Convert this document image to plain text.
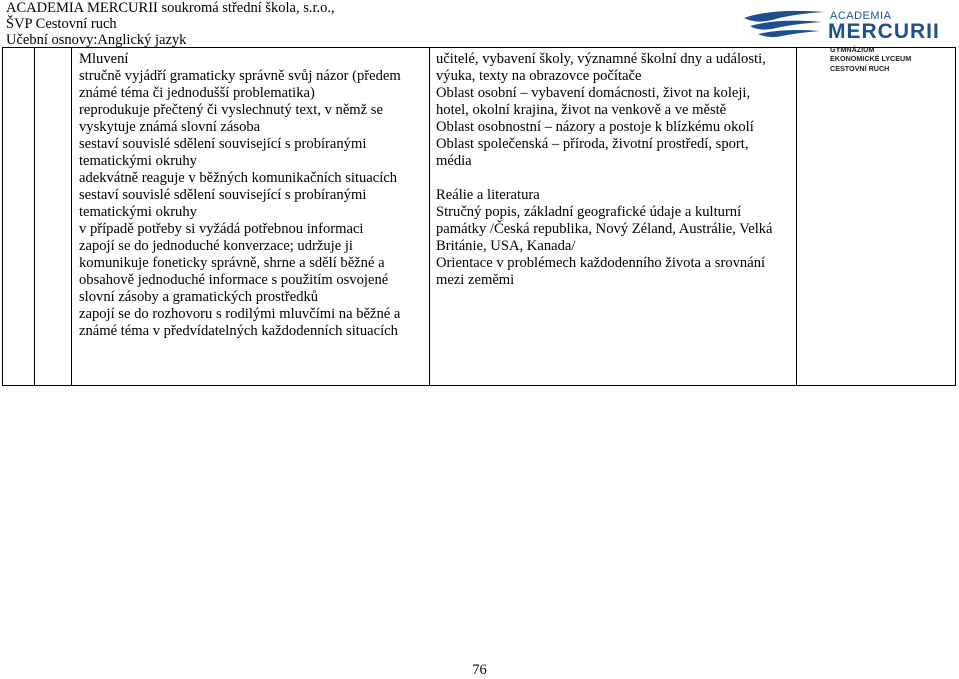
ACADEMIA MERCURII soukromá střední škola, s.r.o.,
ŠVP Cestovní ruch
Učební osnovy:Anglický jazyk
ACADEMIA
MERCURII
GYMNÁZIUM
EKONOMICKÉ LYCEUM
CESTOVNÍ RUCH
Mluvení
stručně vyjádří gramaticky správně svůj názor (předem
známé téma či jednodušší problematika)
reprodukuje přečtený či vyslechnutý text, v němž se
vyskytuje známá slovní zásoba
sestaví souvislé sdělení související s probíranými
tematickými okruhy
adekvátně reaguje v běžných komunikačních situacích
sestaví souvislé sdělení související s probíranými
tematickými okruhy
v případě potřeby si vyžádá potřebnou informaci
zapojí se do jednoduché konverzace; udržuje ji
komunikuje foneticky správně, shrne a sdělí běžné a
obsahově jednoduché informace s použitím osvojené
slovní zásoby a gramatických prostředků
zapojí se do rozhovoru s rodilými mluvčími na běžné a
známé téma v předvídatelných každodenních situacích
učitelé, vybavení školy, významné školní dny a události,
výuka, texty na obrazovce počítače
Oblast osobní – vybavení domácnosti, život na koleji,
hotel, okolní krajina, život na venkově a ve městě
Oblast osobnostní – názory a postoje k blízkému okolí
Oblast společenská – příroda, životní prostředí, sport,
média
Reálie a literatura
Stručný popis, základní geografické údaje a kulturní
památky /Česká republika, Nový Zéland, Austrálie, Velká
Británie, USA, Kanada/
Orientace v problémech každodenního života a srovnání
mezi zeměmi
76
